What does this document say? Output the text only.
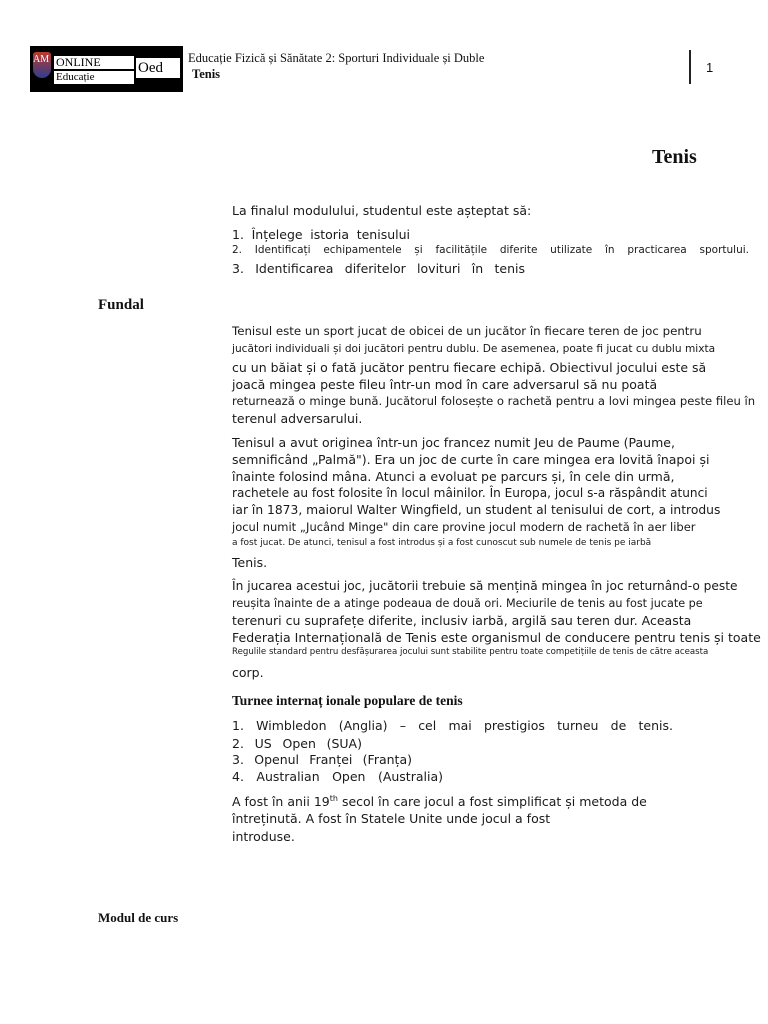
AM ONLINE
Educație
Oed
Educație Fizică și Sănătate 2: Sporturi Individuale și Duble
Tenis	1
Tenis
La finalul modulului, studentul este așteptat să:
1. Înțelege istoria tenisului
2. Identificați echipamentele și facilitățile diferite utilizate în practicarea sportului.
3. Identificarea diferitelor lovituri în tenis
Fundal
Tenisul este un sport jucat de obicei de un jucător în fiecare teren de joc pentru
jucători individuali și doi jucători pentru dublu. De asemenea, poate fi jucat cu dublu mixta
cu un băiat și o fată jucător pentru fiecare echipă. Obiectivul jocului este să
joacă mingea peste fileu într-un mod în care adversarul să nu poată
returnează o minge bună. Jucătorul folosește o rachetă pentru a lovi mingea peste fileu în
terenul adversarului.
Tenisul a avut originea într-un joc francez numit Jeu de Paume (Paume,
semnificând „Palmă"). Era un joc de curte în care mingea era lovită înapoi și
înainte folosind mâna. Atunci a evoluat pe parcurs și, în cele din urmă,
rachetele au fost folosite în locul mâinilor. În Europa, jocul s-a răspândit atunci
iar în 1873, maiorul Walter Wingfield, un student al tenisului de cort, a introdus
jocul numit „Jucând Minge" din care provine jocul modern de rachetă în aer liber
a fost jucat. De atunci, tenisul a fost introdus și a fost cunoscut sub numele de tenis pe iarbă
Tenis.
În jucarea acestui joc, jucătorii trebuie să mențină mingea în joc returnând-o peste
reușita înainte de a atinge podeaua de două ori. Meciurile de tenis au fost jucate pe
terenuri cu suprafețe diferite, inclusiv iarbă, argilă sau teren dur. Aceasta
Federația Internațională de Tenis este organismul de conducere pentru tenis și toate
Regulile standard pentru desfășurarea jocului sunt stabilite pentru toate competițiile de tenis de către aceasta
corp.
Turnee internaț ionale populare de tenis
1. Wimbledon (Anglia) – cel mai prestigios turneu de tenis.
2. US Open (SUA)
3. Openul Franței (Franța)
4. Australian Open (Australia)
A fost în anii 19th secol în care jocul a fost simplificat și metoda de
întreținută. A fost în Statele Unite unde jocul a fost
introduse.
Modul de curs
